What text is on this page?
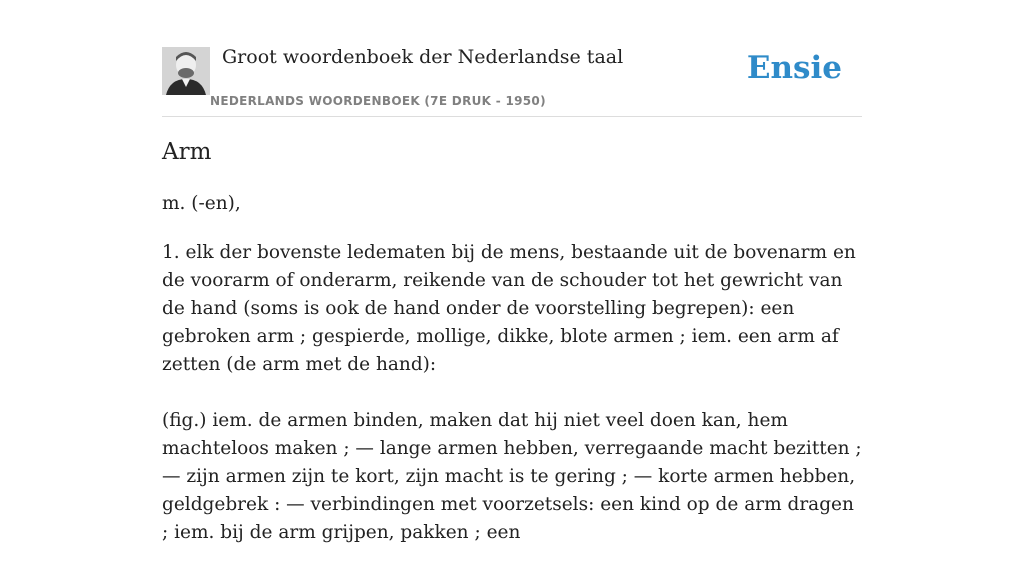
Groot woordenboek der Nederlandse taal
NEDERLANDS WOORDENBOEK (7E DRUK - 1950)
Ensie
Arm
m. (-en),

1. elk der bovenste ledematen bij de mens, bestaande uit de bovenarm en de voorarm of onderarm, reikende van de schouder tot het gewricht van de hand (soms is ook de hand onder de voorstelling begrepen): een gebroken arm ; gespierde, mollige, dikke, blote armen ; iem. een arm af zetten (de arm met de hand):

(fig.) iem. de armen binden, maken dat hij niet veel doen kan, hem machteloos maken ; — lange armen hebben, verregaande macht bezitten ; — zijn armen zijn te kort, zijn macht is te gering ; — korte armen hebben, geldgebrek : — verbindingen met voorzetsels: een kind op de arm dragen ; iem. bij de arm grijpen, pakken ; een
